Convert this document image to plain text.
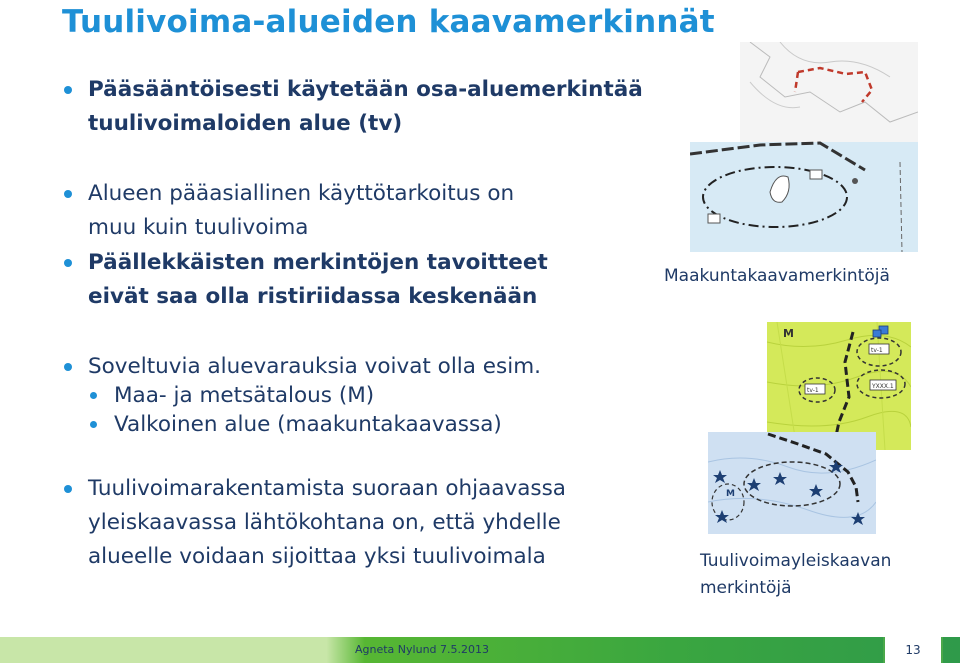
Tuulivoima-alueiden kaavamerkinnät
Pääsääntöisesti käytetään osa-aluemerkintää
tuulivoimaloiden alue (tv)
Alueen pääasiallinen käyttötarkoitus on
muu kuin tuulivoima
Päällekkäisten merkintöjen tavoitteet
eivät saa olla ristiriidassa keskenään
Soveltuvia aluevarauksia voivat olla esim.
Maa- ja metsätalous (M)
Valkoinen alue (maakuntakaavassa)
Tuulivoimarakentamista suoraan ohjaavassa
yleiskaavassa lähtökohtana on, että yhdelle
alueelle voidaan sijoittaa yksi tuulivoimala
Maakuntakaavamerkintöjä
M
tv-1
tv-1
YXXX.1
M
Tuulivoimayleiskaavan
merkintöjä
Agneta Nylund 7.5.2013	13
